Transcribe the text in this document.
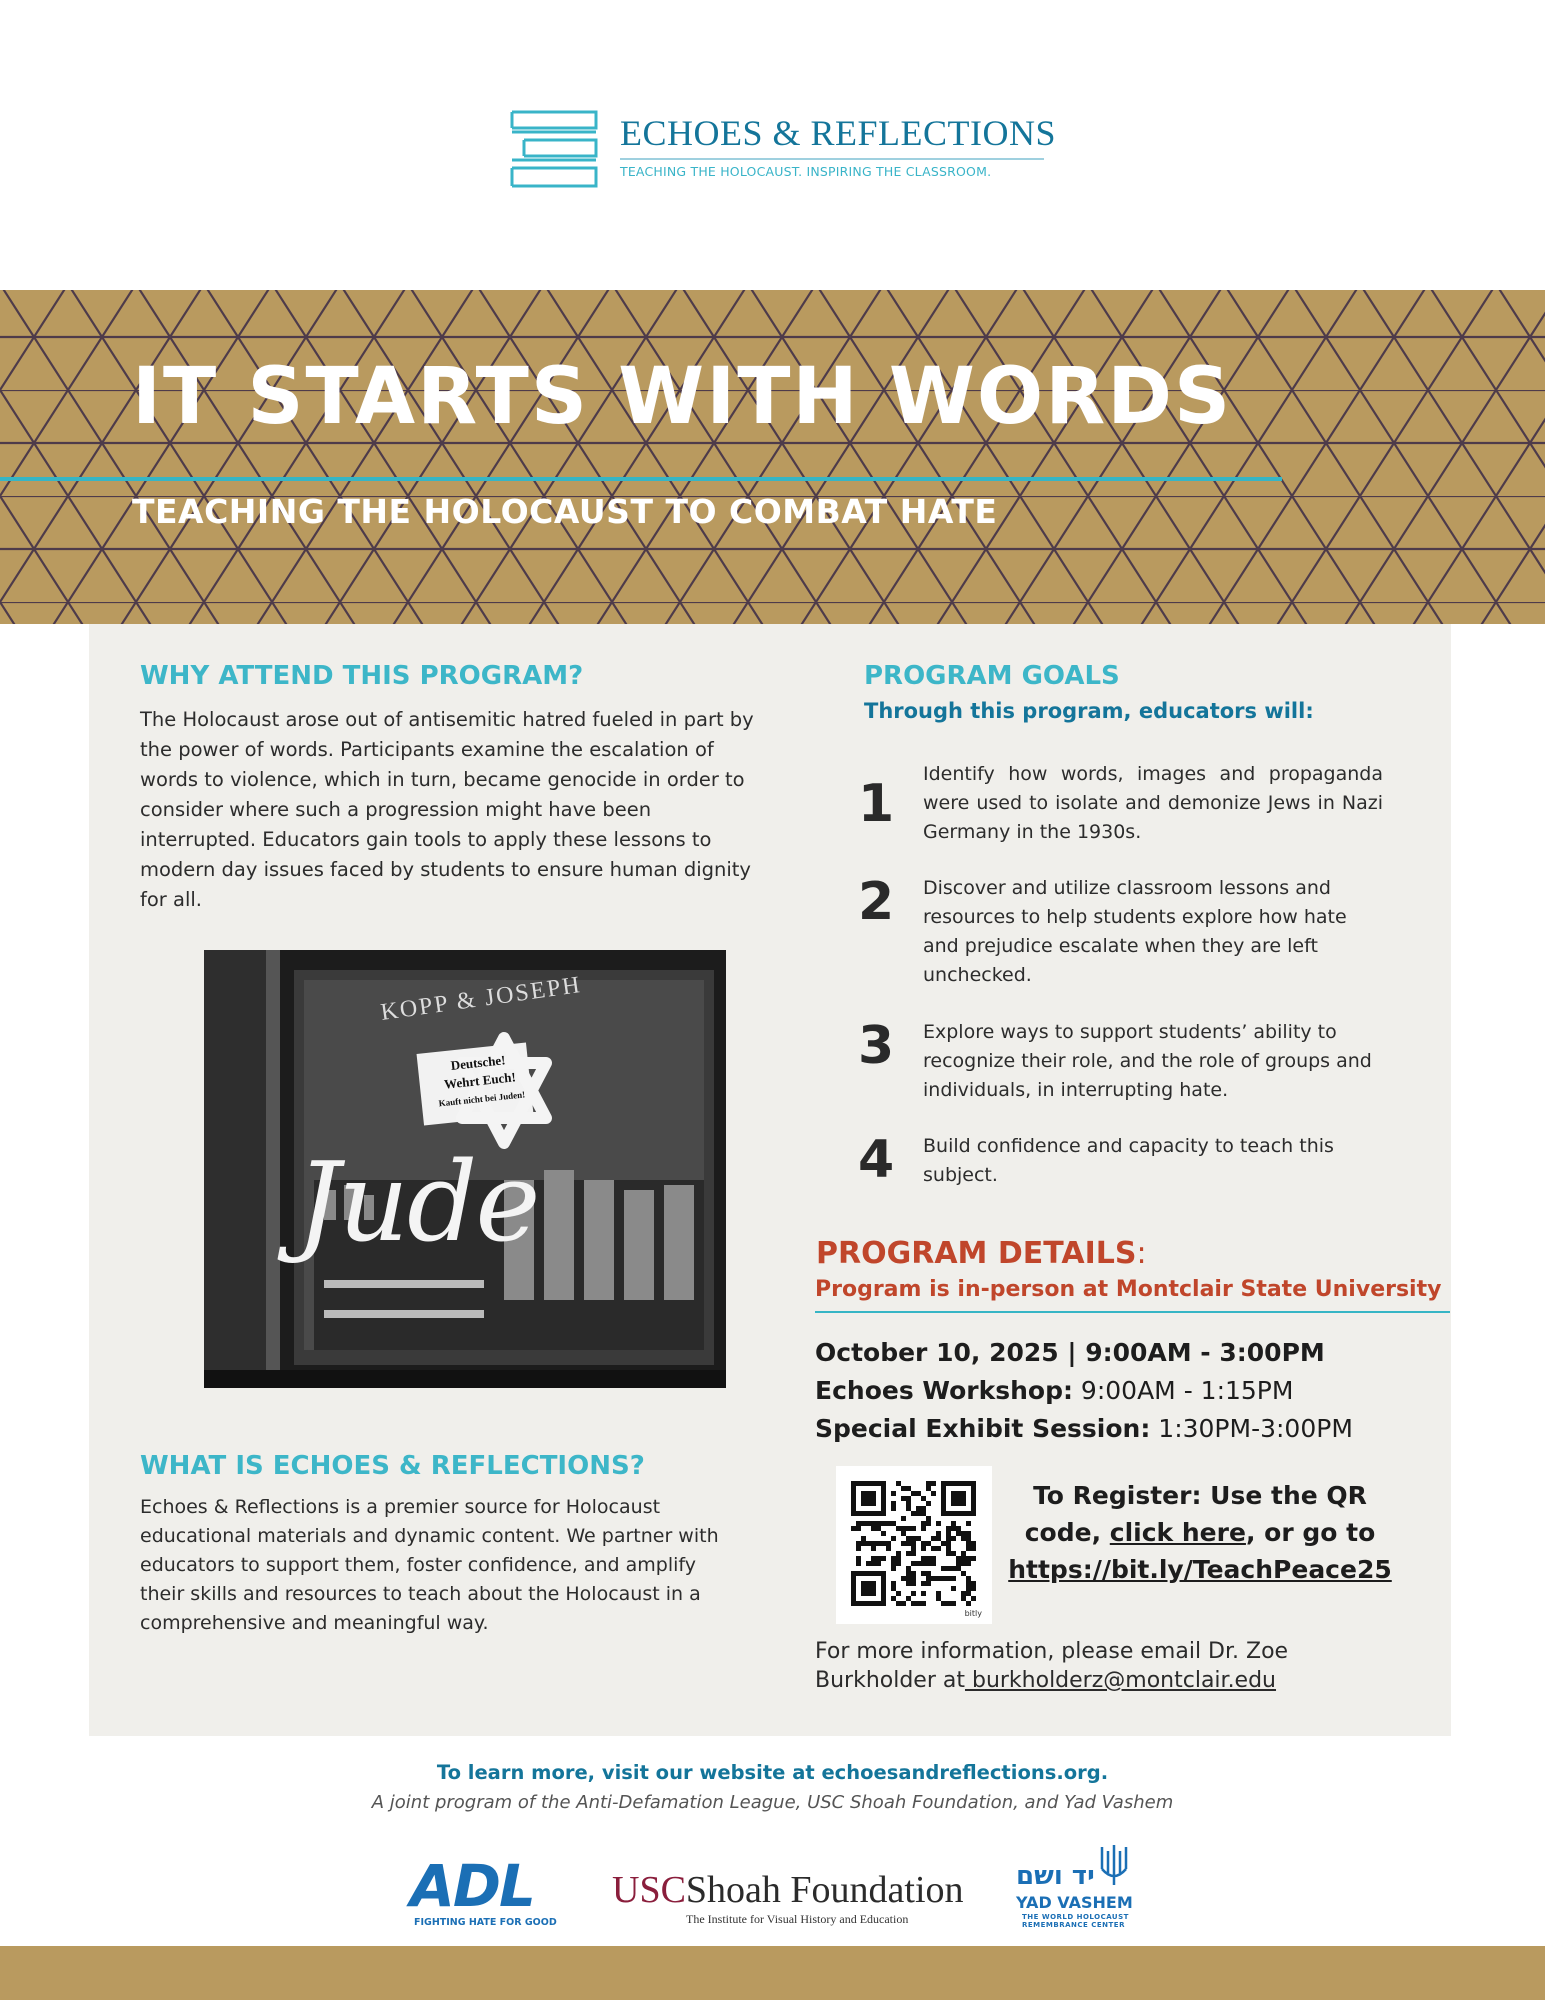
ECHOES & REFLECTIONS
TEACHING THE HOLOCAUST. INSPIRING THE CLASSROOM.
IT STARTS WITH WORDS
TEACHING THE HOLOCAUST TO COMBAT HATE
WHY ATTEND THIS PROGRAM?
The Holocaust arose out of antisemitic hatred fueled in part by the power of words. Participants examine the escalation of words to violence, which in turn, became genocide in order to consider where such a progression might have been interrupted. Educators gain tools to apply these lessons to modern day issues faced by students to ensure human dignity for all.
KOPP & JOSEPH
Deutsche!
Wehrt Euch!
Kauft nicht bei Juden!
Jude
WHAT IS ECHOES & REFLECTIONS?
Echoes & Reflections is a premier source for Holocaust educational materials and dynamic content. We partner with educators to support them, foster confidence, and amplify their skills and resources to teach about the Holocaust in a comprehensive and meaningful way.
PROGRAM GOALS
Through this program, educators will:
1	Identify how words, images and propaganda were used to isolate and demonize Jews in Nazi Germany in the 1930s.
2	Discover and utilize classroom lessons and resources to help students explore how hate and prejudice escalate when they are left unchecked.
3	Explore ways to support students’ ability to recognize their role, and the role of groups and individuals, in interrupting hate.
4	Build confidence and capacity to teach this subject.
PROGRAM DETAILS:
Program is in-person at Montclair State University
October 10, 2025 | 9:00AM - 3:00PM
Echoes Workshop: 9:00AM - 1:15PM
Special Exhibit Session: 1:30PM-3:00PM
bitly
To Register: Use the QR
code, click here, or go to
https://bit.ly/TeachPeace25
For more information, please email Dr. Zoe Burkholder at burkholderz@montclair.edu
To learn more, visit our website at echoesandreflections.org.
A joint program of the Anti-Defamation League, USC Shoah Foundation, and Yad Vashem
ADL
FIGHTING HATE FOR GOOD
USCShoah Foundation
The Institute for Visual History and Education
יד ושם
YAD VASHEM
THE WORLD HOLOCAUST
REMEMBRANCE CENTER
